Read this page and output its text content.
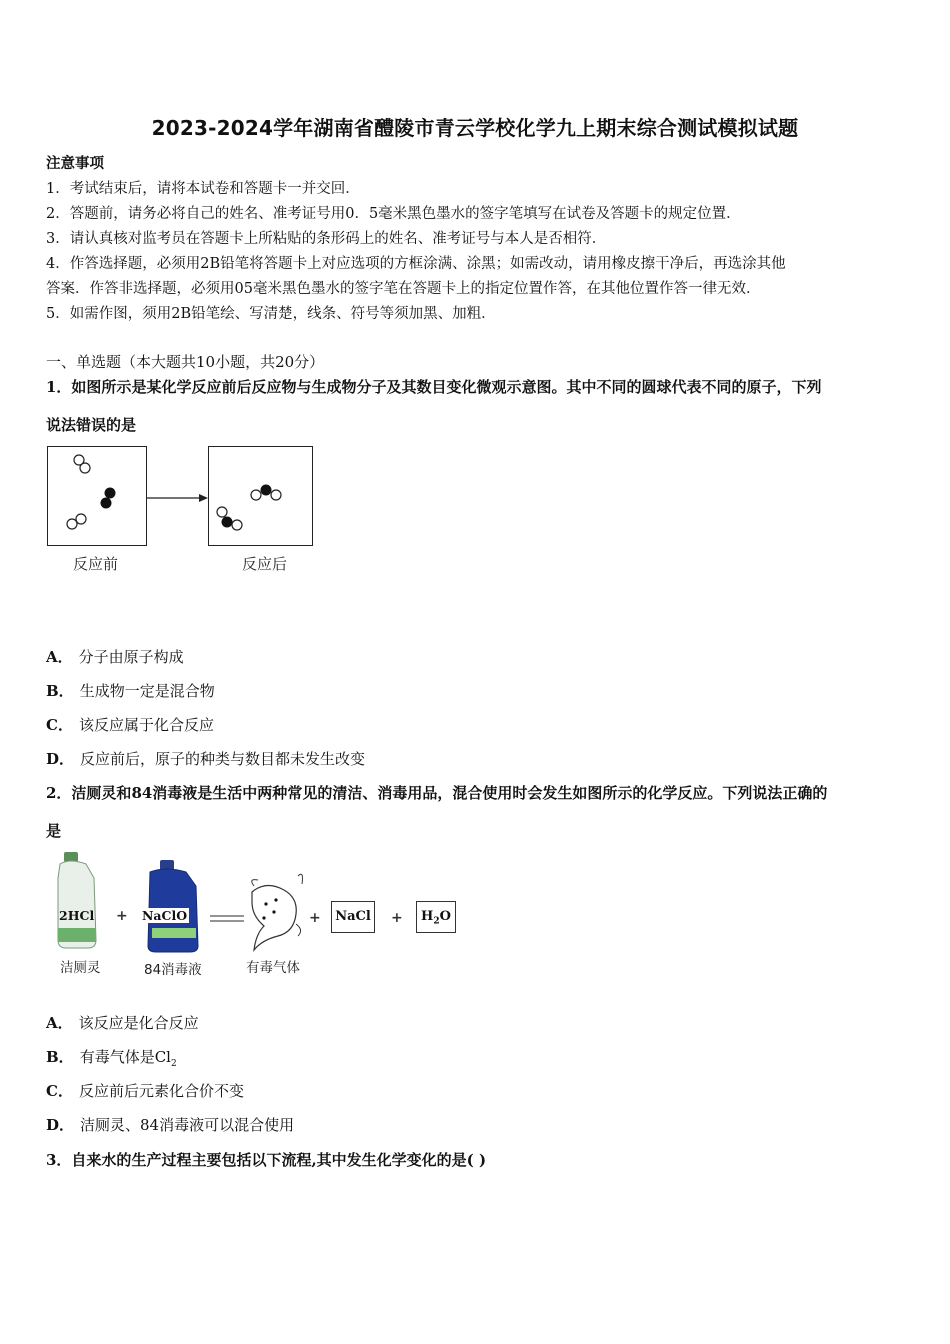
2023-2024学年湖南省醴陵市青云学校化学九上期末综合测试模拟试题
注意事项
1．考试结束后，请将本试卷和答题卡一并交回．
2．答题前，请务必将自己的姓名、准考证号用0．5毫米黑色墨水的签字笔填写在试卷及答题卡的规定位置．
3．请认真核对监考员在答题卡上所粘贴的条形码上的姓名、准考证号与本人是否相符．
4．作答选择题，必须用2B铅笔将答题卡上对应选项的方框涂满、涂黑；如需改动，请用橡皮擦干净后，再选涂其他
答案．作答非选择题，必须用05毫米黑色墨水的签字笔在答题卡上的指定位置作答，在其他位置作答一律无效．
5．如需作图，须用2B铅笔绘、写清楚，线条、符号等须加黑、加粗．
一、单选题（本大题共10小题，共20分）
1．如图所示是某化学反应前后反应物与生成物分子及其数目变化微观示意图。其中不同的圆球代表不同的原子，下列
说法错误的是
反应前	反应后
A． 分子由原子构成
B． 生成物一定是混合物
C． 该反应属于化合反应
D． 反应前后，原子的种类与数目都未发生改变
2．洁厕灵和84消毒液是生活中两种常见的清洁、消毒用品，混合使用时会发生如图所示的化学反应。下列说法正确的
是
2HCl + NaClO	+	NaCl	+	$H_2O$
洁厕灵	84消毒液	有毒气体
A． 该反应是化合反应
B． 有毒气体是$Cl_2$
C． 反应前后元素化合价不变
D． 洁厕灵、84消毒液可以混合使用
3．自来水的生产过程主要包括以下流程,其中发生化学变化的是( )
